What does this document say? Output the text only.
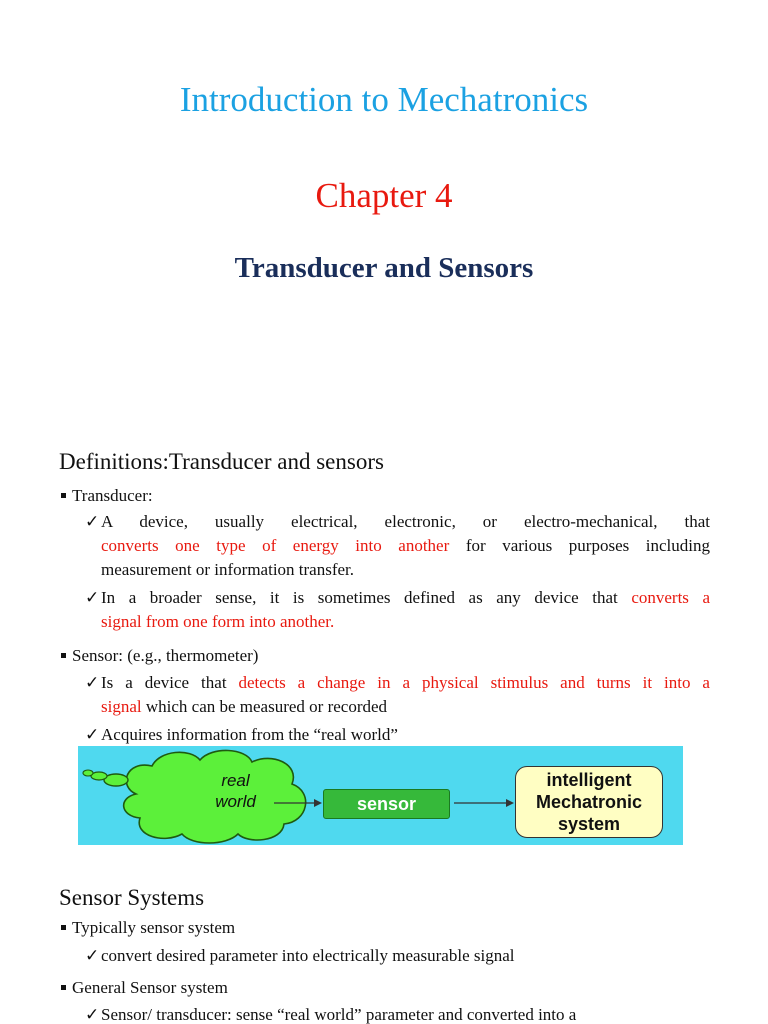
Introduction to Mechatronics
Chapter 4
Transducer and Sensors
Definitions:Transducer and sensors
Transducer:
✓ A device, usually electrical, electronic, or electro-mechanical, that
converts one type of energy into another for various purposes including
measurement or information transfer.
✓ In a broader sense, it is sometimes defined as any device that converts a
signal from one form into another.
Sensor: (e.g., thermometer)
✓ Is a device that detects a change in a physical stimulus and turns it into a
signal which can be measured or recorded
✓ Acquires information from the “real world”
real
world	sensor
intelligent
Mechatronic
system
Sensor Systems
Typically sensor system
✓ convert desired parameter into electrically measurable signal
General Sensor system
✓ Sensor/ transducer: sense “real world” parameter and converted into a
